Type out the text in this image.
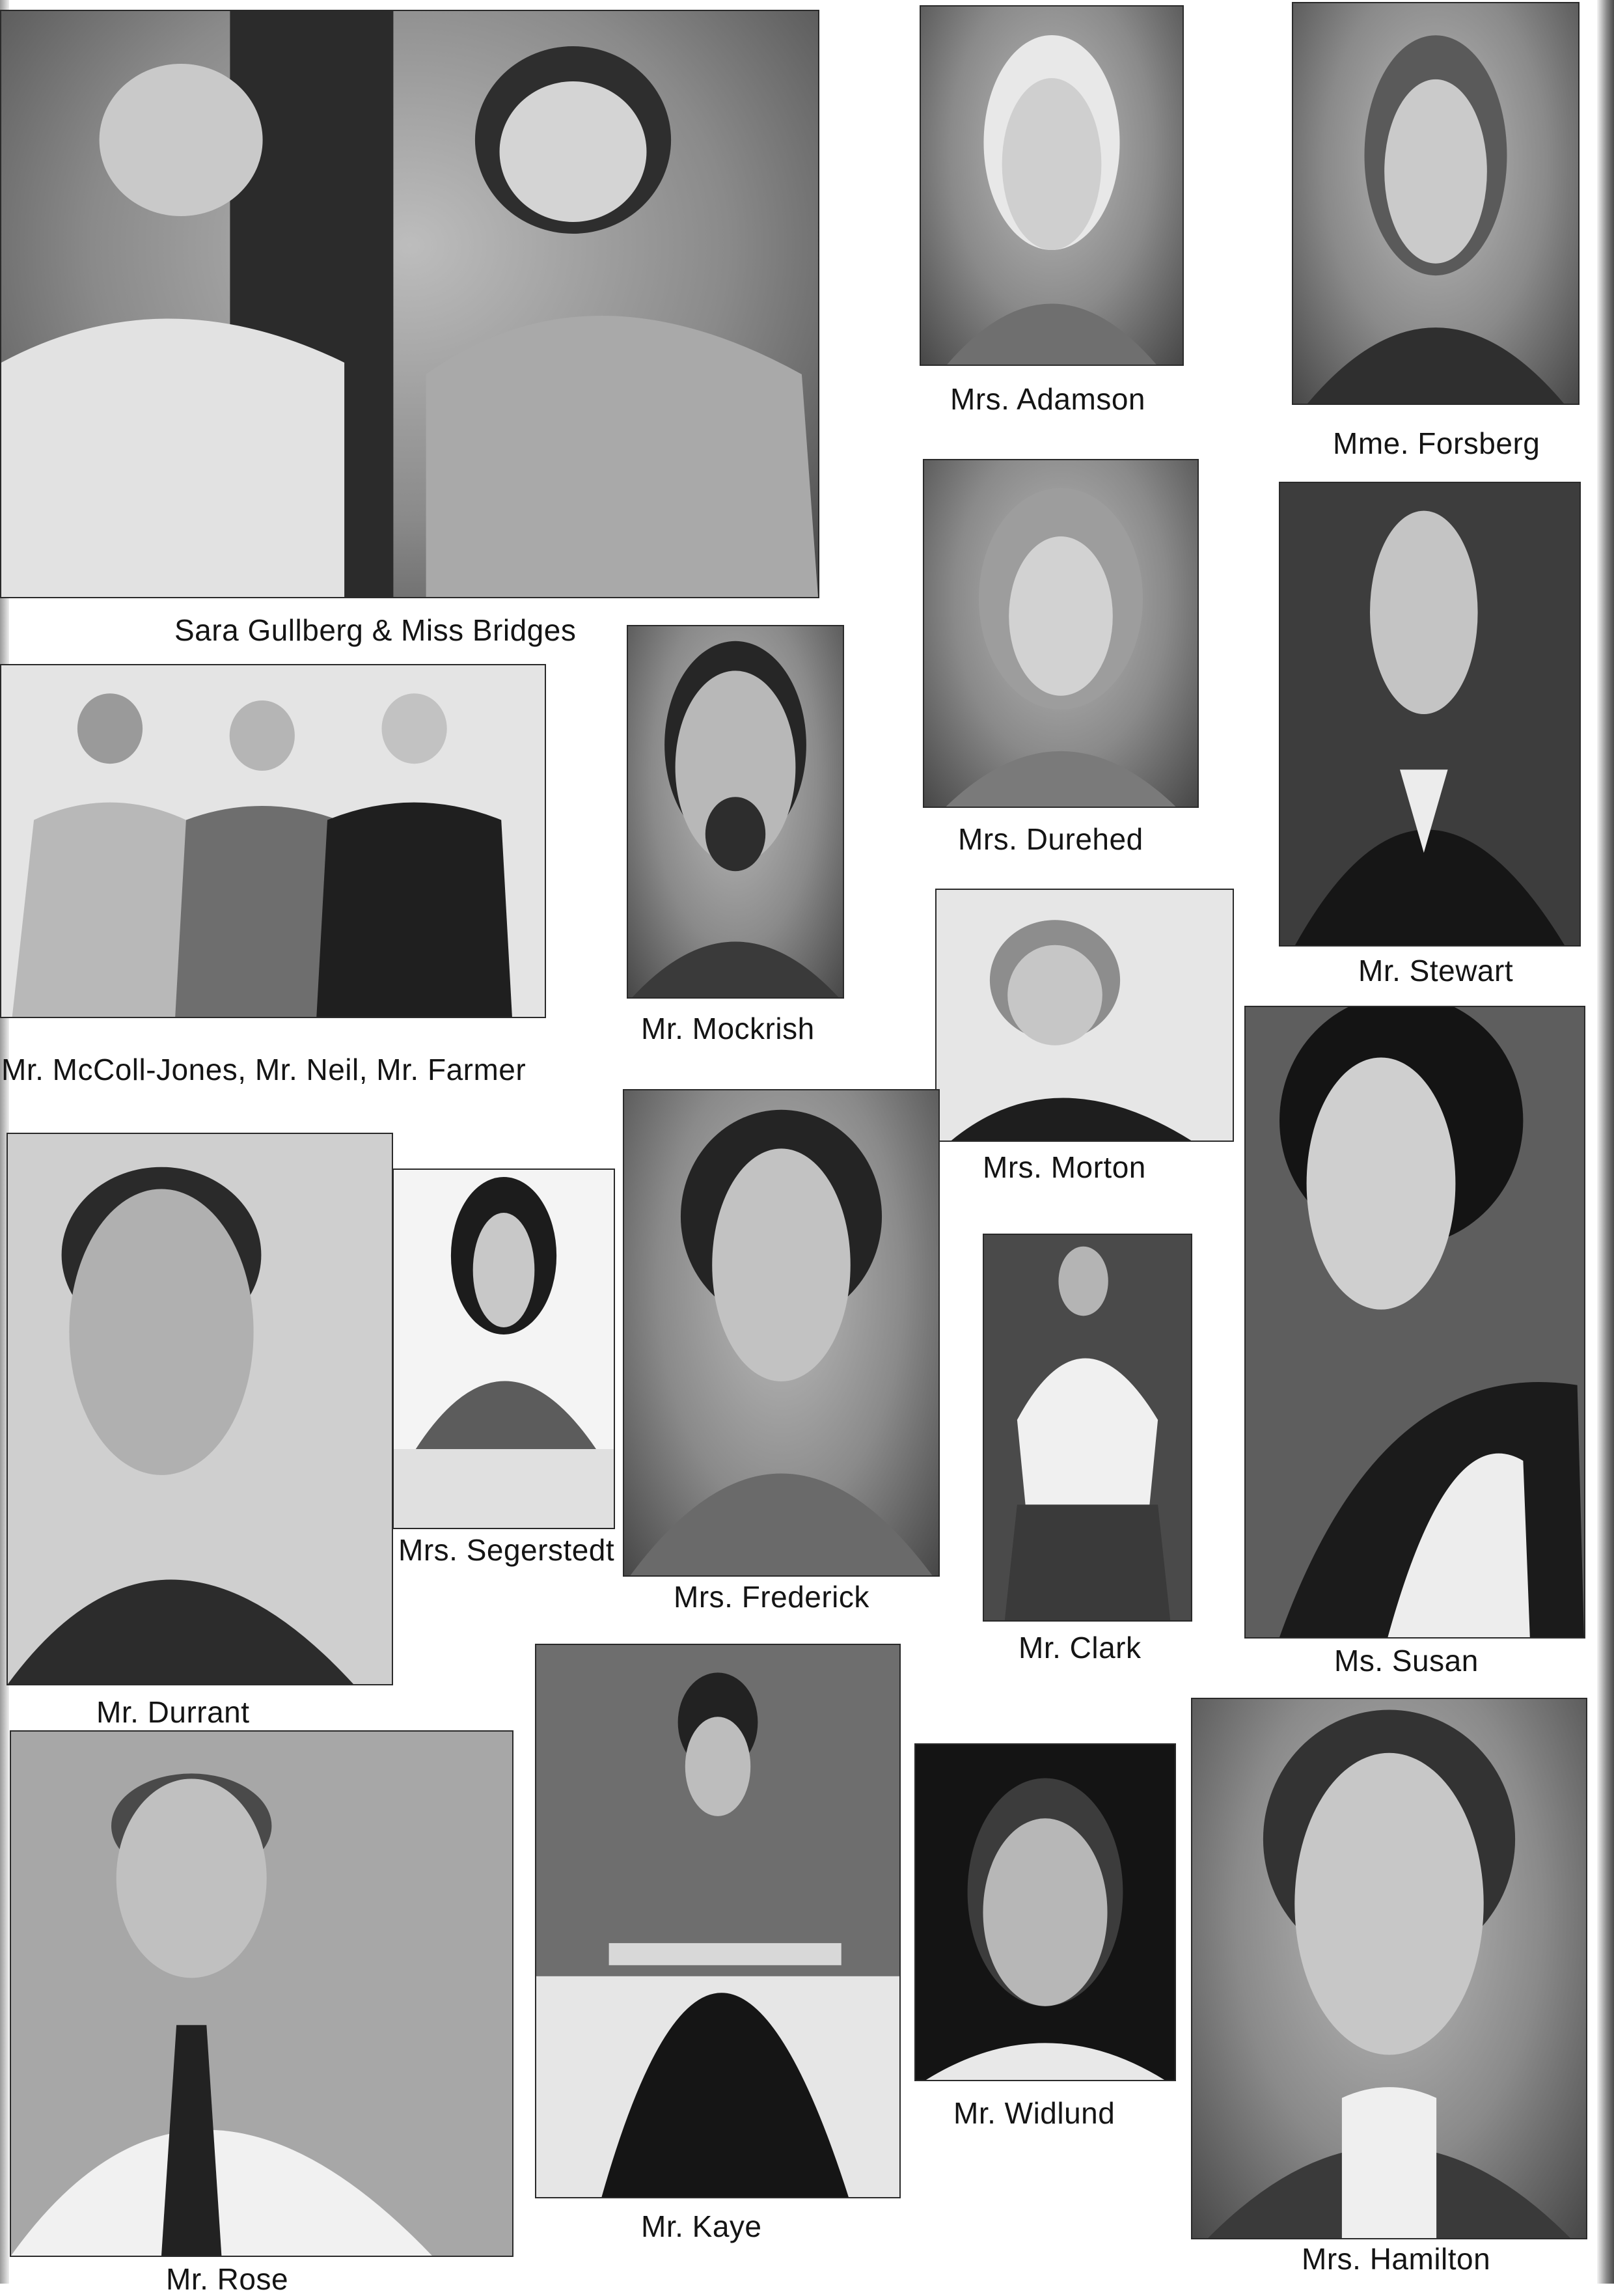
Sara Gullberg & Miss Bridges

Mrs. Adamson

Mme. Forsberg

Mrs. Durehed

Mr. Stewart

Mr. McColl-Jones, Mr. Neil, Mr. Farmer

Mr. Mockrish

Mrs. Morton

Ms. Susan

Mr. Durrant

Mrs. Segerstedt

Mrs. Frederick

Mr. Clark

Mr. Rose

Mr. Kaye

Mr. Widlund

Mrs. Hamilton
